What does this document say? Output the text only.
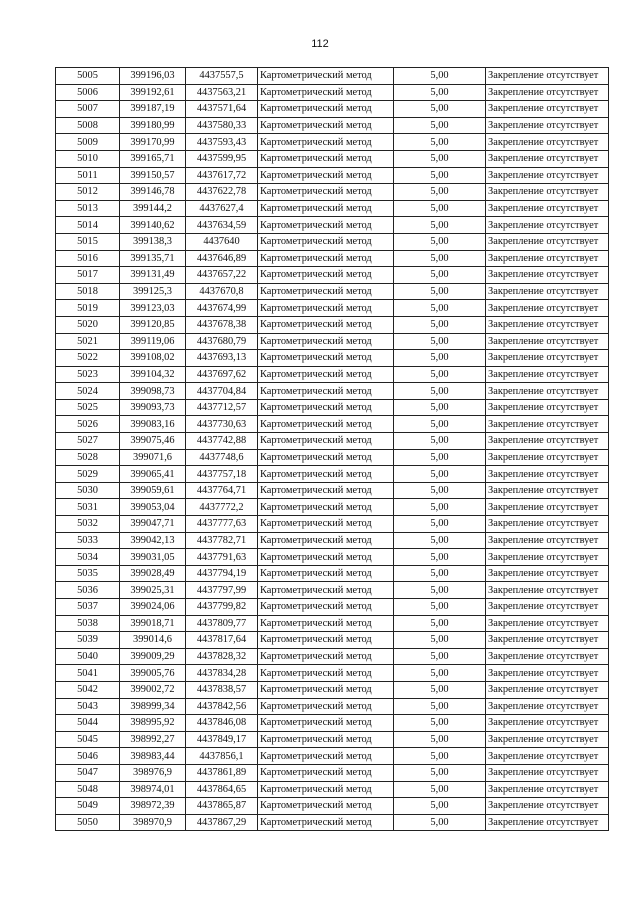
112
5005	399196,03	4437557,5	Картометрический метод	5,00	Закрепление отсутствует
5006	399192,61	4437563,21	Картометрический метод	5,00	Закрепление отсутствует
5007	399187,19	4437571,64	Картометрический метод	5,00	Закрепление отсутствует
5008	399180,99	4437580,33	Картометрический метод	5,00	Закрепление отсутствует
5009	399170,99	4437593,43	Картометрический метод	5,00	Закрепление отсутствует
5010	399165,71	4437599,95	Картометрический метод	5,00	Закрепление отсутствует
5011	399150,57	4437617,72	Картометрический метод	5,00	Закрепление отсутствует
5012	399146,78	4437622,78	Картометрический метод	5,00	Закрепление отсутствует
5013	399144,2	4437627,4	Картометрический метод	5,00	Закрепление отсутствует
5014	399140,62	4437634,59	Картометрический метод	5,00	Закрепление отсутствует
5015	399138,3	4437640	Картометрический метод	5,00	Закрепление отсутствует
5016	399135,71	4437646,89	Картометрический метод	5,00	Закрепление отсутствует
5017	399131,49	4437657,22	Картометрический метод	5,00	Закрепление отсутствует
5018	399125,3	4437670,8	Картометрический метод	5,00	Закрепление отсутствует
5019	399123,03	4437674,99	Картометрический метод	5,00	Закрепление отсутствует
5020	399120,85	4437678,38	Картометрический метод	5,00	Закрепление отсутствует
5021	399119,06	4437680,79	Картометрический метод	5,00	Закрепление отсутствует
5022	399108,02	4437693,13	Картометрический метод	5,00	Закрепление отсутствует
5023	399104,32	4437697,62	Картометрический метод	5,00	Закрепление отсутствует
5024	399098,73	4437704,84	Картометрический метод	5,00	Закрепление отсутствует
5025	399093,73	4437712,57	Картометрический метод	5,00	Закрепление отсутствует
5026	399083,16	4437730,63	Картометрический метод	5,00	Закрепление отсутствует
5027	399075,46	4437742,88	Картометрический метод	5,00	Закрепление отсутствует
5028	399071,6	4437748,6	Картометрический метод	5,00	Закрепление отсутствует
5029	399065,41	4437757,18	Картометрический метод	5,00	Закрепление отсутствует
5030	399059,61	4437764,71	Картометрический метод	5,00	Закрепление отсутствует
5031	399053,04	4437772,2	Картометрический метод	5,00	Закрепление отсутствует
5032	399047,71	4437777,63	Картометрический метод	5,00	Закрепление отсутствует
5033	399042,13	4437782,71	Картометрический метод	5,00	Закрепление отсутствует
5034	399031,05	4437791,63	Картометрический метод	5,00	Закрепление отсутствует
5035	399028,49	4437794,19	Картометрический метод	5,00	Закрепление отсутствует
5036	399025,31	4437797,99	Картометрический метод	5,00	Закрепление отсутствует
5037	399024,06	4437799,82	Картометрический метод	5,00	Закрепление отсутствует
5038	399018,71	4437809,77	Картометрический метод	5,00	Закрепление отсутствует
5039	399014,6	4437817,64	Картометрический метод	5,00	Закрепление отсутствует
5040	399009,29	4437828,32	Картометрический метод	5,00	Закрепление отсутствует
5041	399005,76	4437834,28	Картометрический метод	5,00	Закрепление отсутствует
5042	399002,72	4437838,57	Картометрический метод	5,00	Закрепление отсутствует
5043	398999,34	4437842,56	Картометрический метод	5,00	Закрепление отсутствует
5044	398995,92	4437846,08	Картометрический метод	5,00	Закрепление отсутствует
5045	398992,27	4437849,17	Картометрический метод	5,00	Закрепление отсутствует
5046	398983,44	4437856,1	Картометрический метод	5,00	Закрепление отсутствует
5047	398976,9	4437861,89	Картометрический метод	5,00	Закрепление отсутствует
5048	398974,01	4437864,65	Картометрический метод	5,00	Закрепление отсутствует
5049	398972,39	4437865,87	Картометрический метод	5,00	Закрепление отсутствует
5050	398970,9	4437867,29	Картометрический метод	5,00	Закрепление отсутствует
